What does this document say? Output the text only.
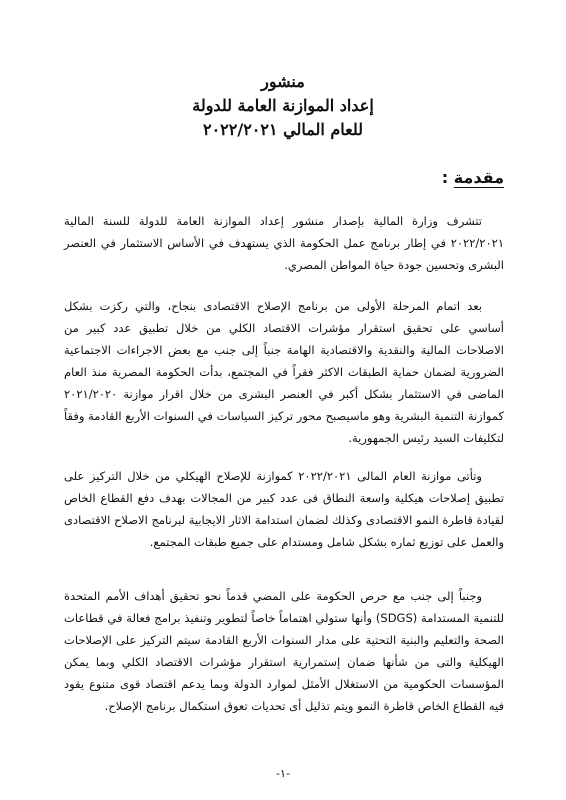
منشور
إعداد الموازنة العامة للدولة
للعام المالي ٢٠٢٢/٢٠٢١
مقدمة :

تتشرف وزارة المالية بإصدار منشور إعداد الموازنة العامة للدولة للسنة المالية ٢٠٢٢/٢٠٢١ في إطار برنامج عمل الحكومة الذي يستهدف في الأساس الاستثمار في العنصر البشرى وتحسين جودة حياة المواطن المصري.

بعد اتمام المرحلة الأولى من برنامج الإصلاح الاقتصادى بنجاح، والتي ركزت بشكل أساسي على تحقيق استقرار مؤشرات الاقتصاد الكلي من خلال تطبيق عدد كبير من الاصلاحات المالية والنقدية والاقتصادية الهامة جنباً إلى جنب مع بعض الاجراءات الاجتماعية الضرورية لضمان حماية الطبقات الاكثر فقراً في المجتمع، بدأت الحكومة المصرية منذ العام الماضى في الاستثمار بشكل أكبر في العنصر البشرى من خلال اقرار موازنة ٢٠٢١/٢٠٢٠ كموازنة التنمية البشرية وهو ماسيصبح محور تركيز السياسات في السنوات الأربع القادمة وفقاً لتكليفات السيد رئيس الجمهورية.

وتأتى موازنة العام المالى ٢٠٢٢/٢٠٢١ كموازنة للإصلاح الهيكلي من خلال التركيز على تطبيق إصلاحات هيكلية واسعة النطاق فى عدد كبير من المجالات بهدف دفع القطاع الخاص لقيادة قاطرة النمو الاقتصادى وكذلك لضمان استدامة الاثار الايجابية لبرنامج الاصلاح الاقتصادى والعمل على توزيع ثماره بشكل شامل ومستدام على جميع طبقات المجتمع.

وجنباً إلى جنب مع حرص الحكومة على المضي قدماً نحو تحقيق أهداف الأمم المتحدة للتنمية المستدامة (SDGS) وأنها ستولي اهتماماً خاصاً لتطوير وتنفيذ برامج فعالة في قطاعات الصحة والتعليم والبنية التحتية على مدار السنوات الأربع القادمة سيتم التركيز على الإصلاحات الهيكلية والتى من شأنها ضمان إستمرارية استقرار مؤشرات الاقتصاد الكلي وبما يمكن المؤسسات الحكومية من الاستغلال الأمثل لموارد الدولة وبما يدعم اقتصاد قوى متنوع يقود فيه القطاع الخاص قاطرة النمو ويتم تذليل أى تحديات تعوق استكمال برنامج الإصلاح.

-١-
